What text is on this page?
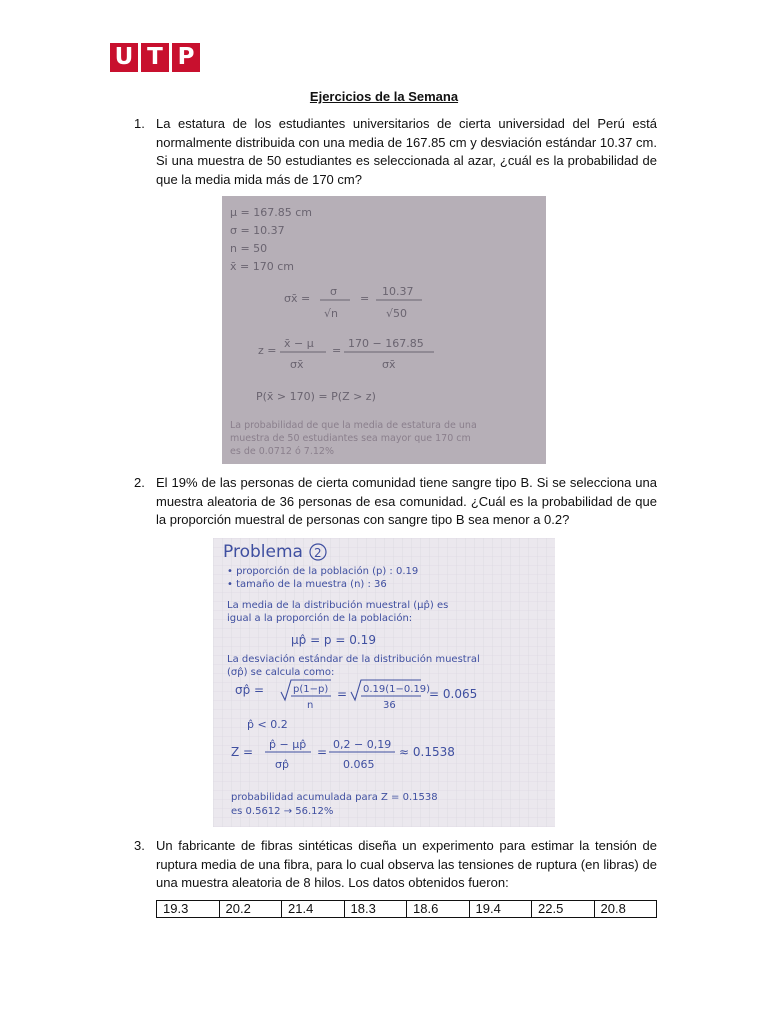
U T P
Ejercicios de la Semana
1. La estatura de los estudiantes universitarios de cierta universidad del Perú está normalmente distribuida con una media de 167.85 cm y desviación estándar 10.37 cm. Si una muestra de 50 estudiantes es seleccionada al azar, ¿cuál es la probabilidad de que la media mida más de 170 cm?
μ = 167.85 cm
σ = 10.37
n = 50
x̄ = 170 cm
σx̄ =
σ
√n
=
10.37
√50
z =
x̄ − μ
σx̄
=
170 − 167.85
σx̄
P(x̄ > 170) = P(Z > z)
La probabilidad de que la media de estatura de una
muestra de 50 estudiantes sea mayor que 170 cm
es de 0.0712 ó 7.12%
2. El 19% de las personas de cierta comunidad tiene sangre tipo B. Si se selecciona una muestra aleatoria de 36 personas de esa comunidad. ¿Cuál es la probabilidad de que la proporción muestral de personas con sangre tipo B sea menor a 0.2?
Problema 2
• proporción de la población (p) : 0.19
• tamaño de la muestra (n) : 36
La media de la distribución muestral (μp̂) es
igual a la proporción de la población:
μp̂ = p = 0.19
La desviación estándar de la distribución muestral
(σp̂) se calcula como:
σp̂ =	p(1−p)
n
= 0.19(1−0.19)
36
= 0.065
p̂ < 0.2
Z =
p̂ − μp̂
σp̂
=
0,2 − 0,19
0.065
≈ 0.1538
probabilidad acumulada para Z = 0.1538
es 0.5612 → 56.12%
3. Un fabricante de fibras sintéticas diseña un experimento para estimar la tensión de ruptura media de una fibra, para lo cual observa las tensiones de ruptura (en libras) de una muestra aleatoria de 8 hilos. Los datos obtenidos fueron:
19.3	20.2	21.4	18.3	18.6	19.4	22.5	20.8
